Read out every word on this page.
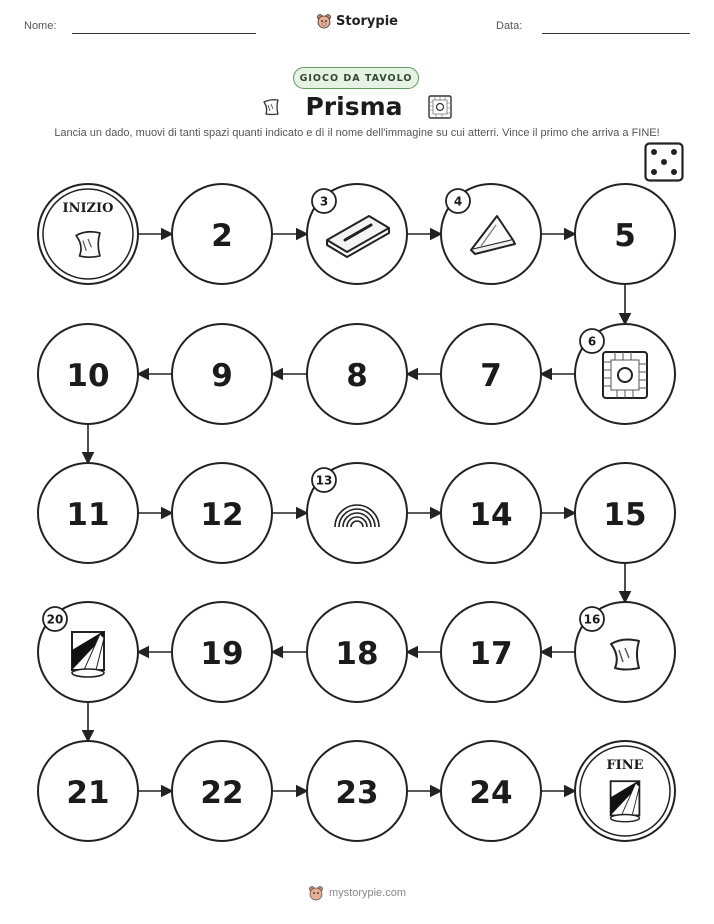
Nome:	Data:
Storypie
GIOCO DA TAVOLO
Prisma
Lancia un dado, muovi di tanti spazi quanti indicato e dì il nome dell'immagine su cui atterri. Vince il primo che arriva a FINE!
INIZIO
2
3	4
5
6
7
8
9
10
11	12
13
14	15
16
17
18
19
20
21	22	23	24
FINE
mystorypie.com
